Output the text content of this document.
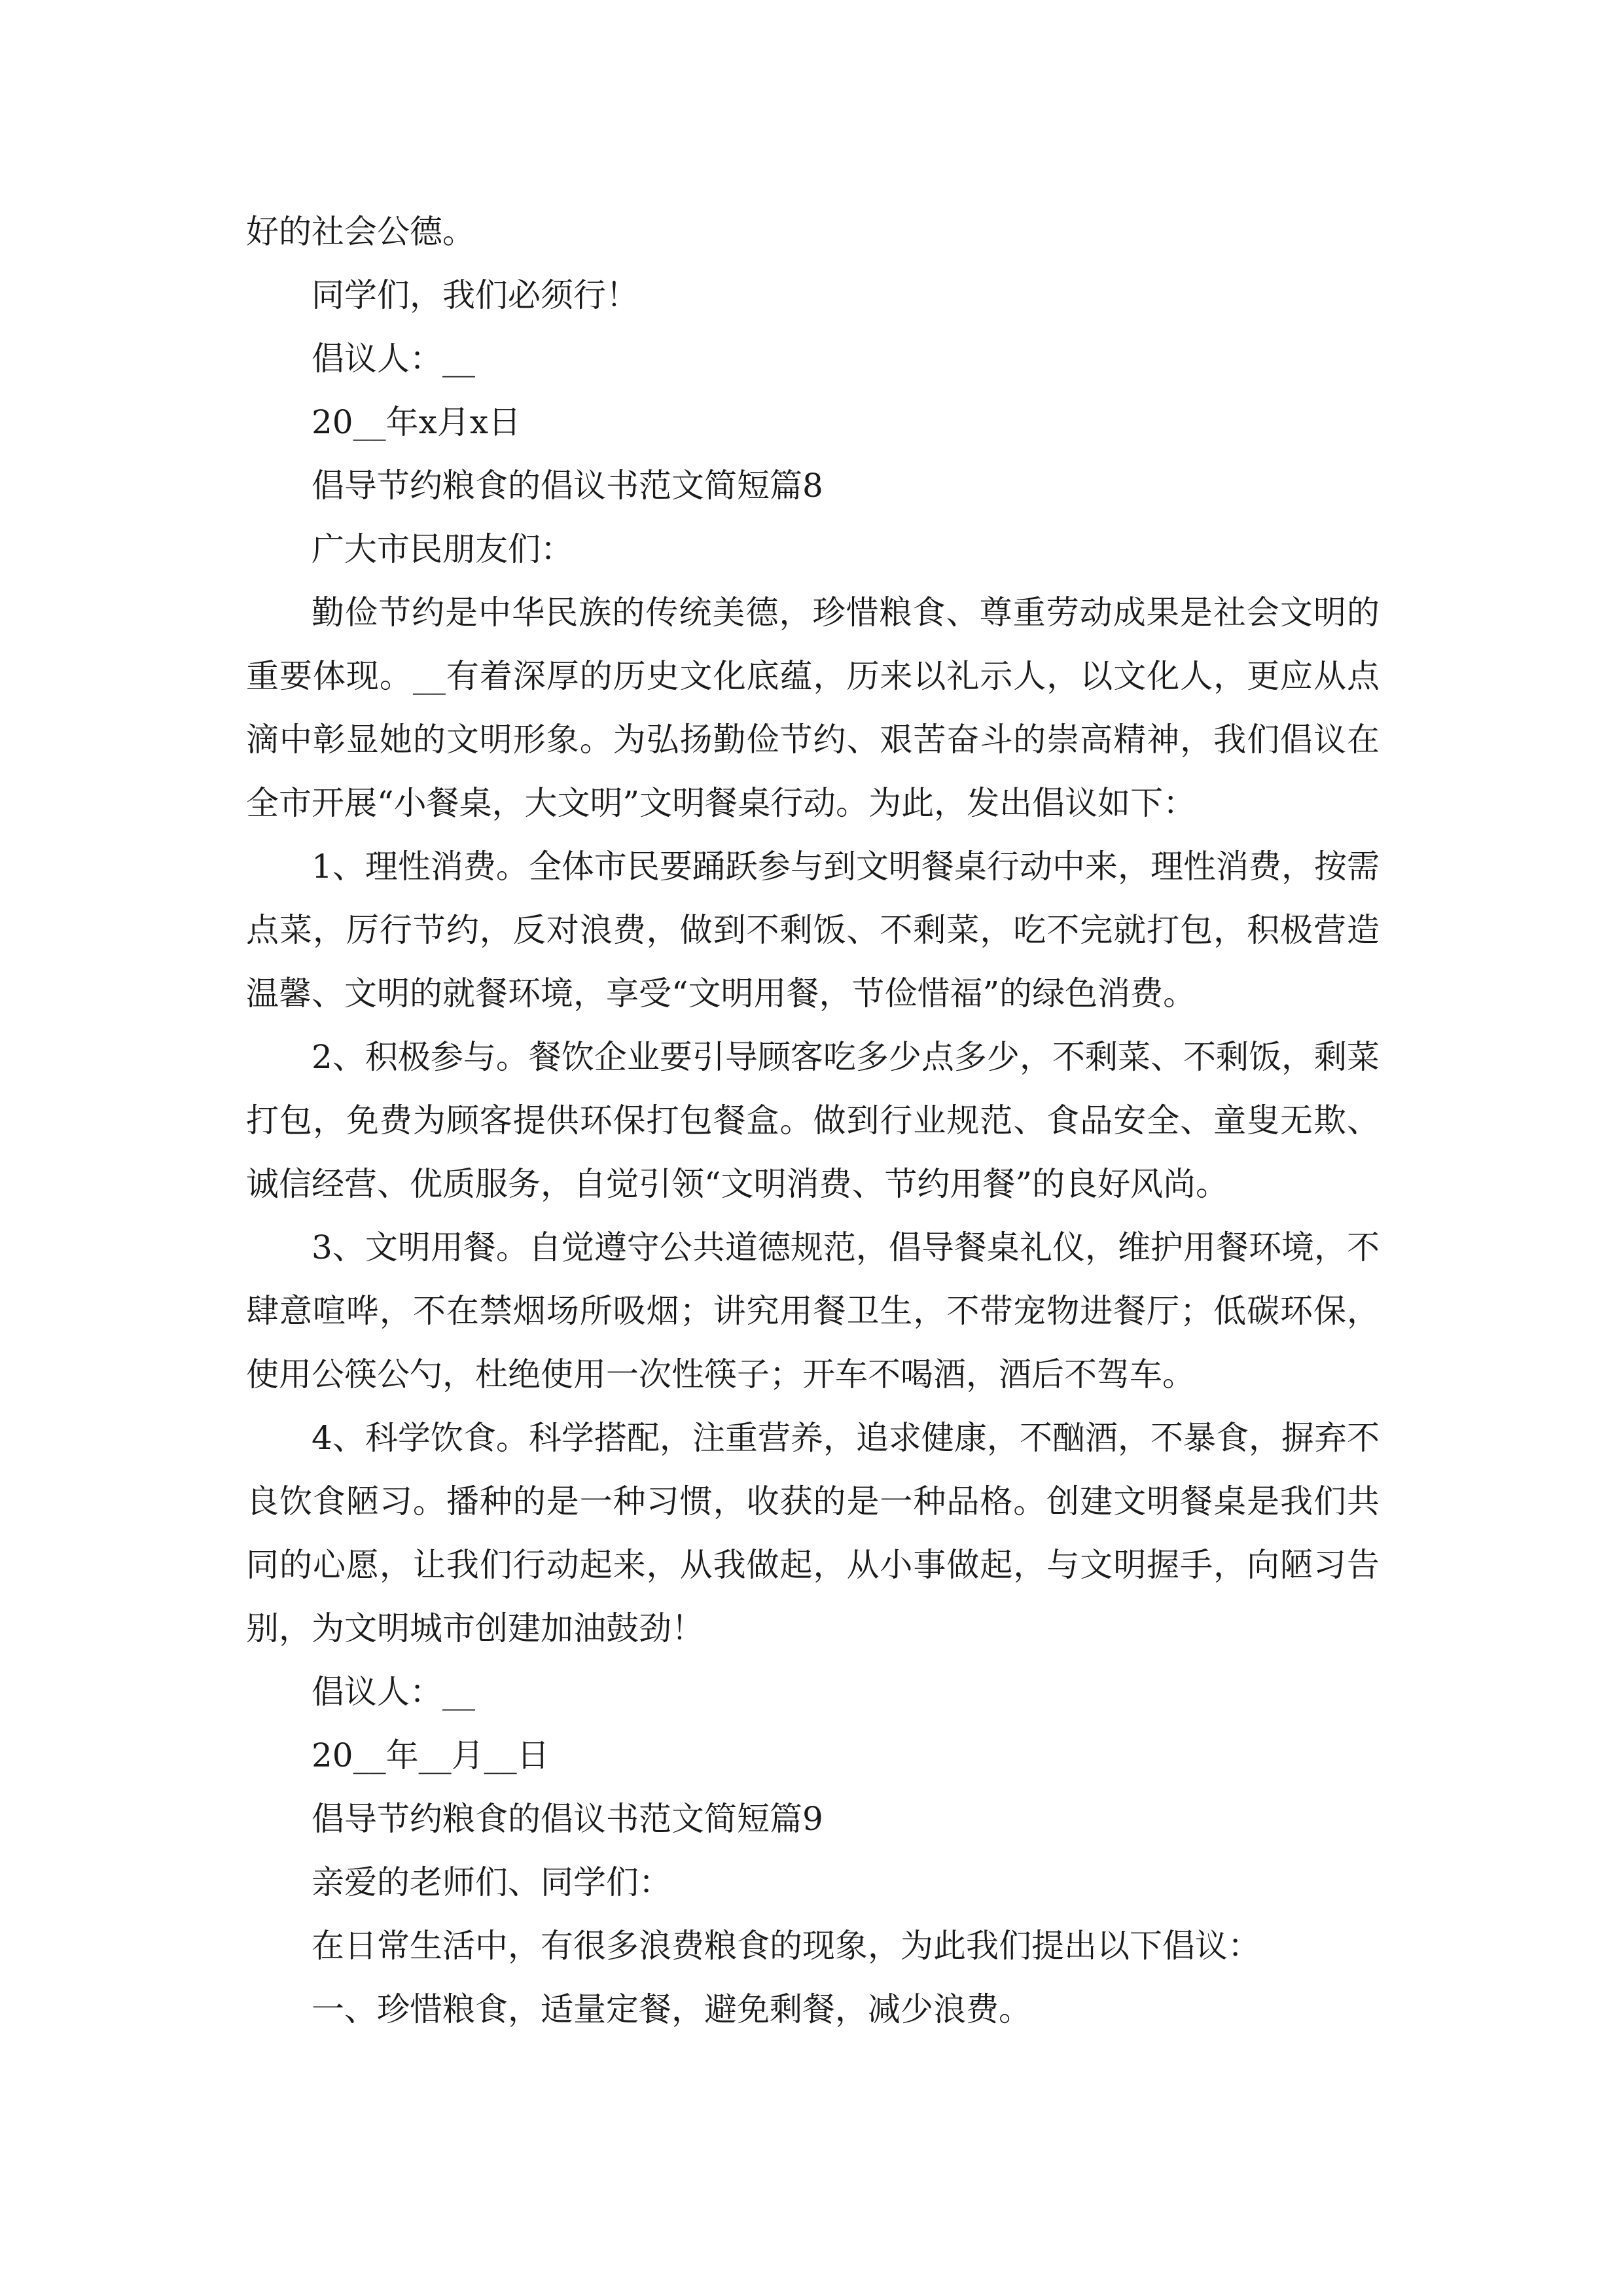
好的社会公德。

同学们，我们必须行！

倡议人：__

20__年x月x日

倡导节约粮食的倡议书范文简短篇8

广大市民朋友们：

勤俭节约是中华民族的传统美德，珍惜粮食、尊重劳动成果是社会文明的重要体现。__有着深厚的历史文化底蕴，历来以礼示人，以文化人，更应从点滴中彰显她的文明形象。为弘扬勤俭节约、艰苦奋斗的崇高精神，我们倡议在全市开展“小餐桌，大文明”文明餐桌行动。为此，发出倡议如下：

1、理性消费。全体市民要踊跃参与到文明餐桌行动中来，理性消费，按需点菜，厉行节约，反对浪费，做到不剩饭、不剩菜，吃不完就打包，积极营造温馨、文明的就餐环境，享受“文明用餐，节俭惜福”的绿色消费。

2、积极参与。餐饮企业要引导顾客吃多少点多少，不剩菜、不剩饭，剩菜打包，免费为顾客提供环保打包餐盒。做到行业规范、食品安全、童叟无欺、诚信经营、优质服务，自觉引领“文明消费、节约用餐”的良好风尚。

3、文明用餐。自觉遵守公共道德规范，倡导餐桌礼仪，维护用餐环境，不肆意喧哗，不在禁烟场所吸烟；讲究用餐卫生，不带宠物进餐厅；低碳环保，使用公筷公勺，杜绝使用一次性筷子；开车不喝酒，酒后不驾车。

4、科学饮食。科学搭配，注重营养，追求健康，不酗酒，不暴食，摒弃不良饮食陋习。播种的是一种习惯，收获的是一种品格。创建文明餐桌是我们共同的心愿，让我们行动起来，从我做起，从小事做起，与文明握手，向陋习告别，为文明城市创建加油鼓劲！

倡议人：__

20__年__月__日

倡导节约粮食的倡议书范文简短篇9

亲爱的老师们、同学们：

在日常生活中，有很多浪费粮食的现象，为此我们提出以下倡议：

一、珍惜粮食，适量定餐，避免剩餐，减少浪费。
